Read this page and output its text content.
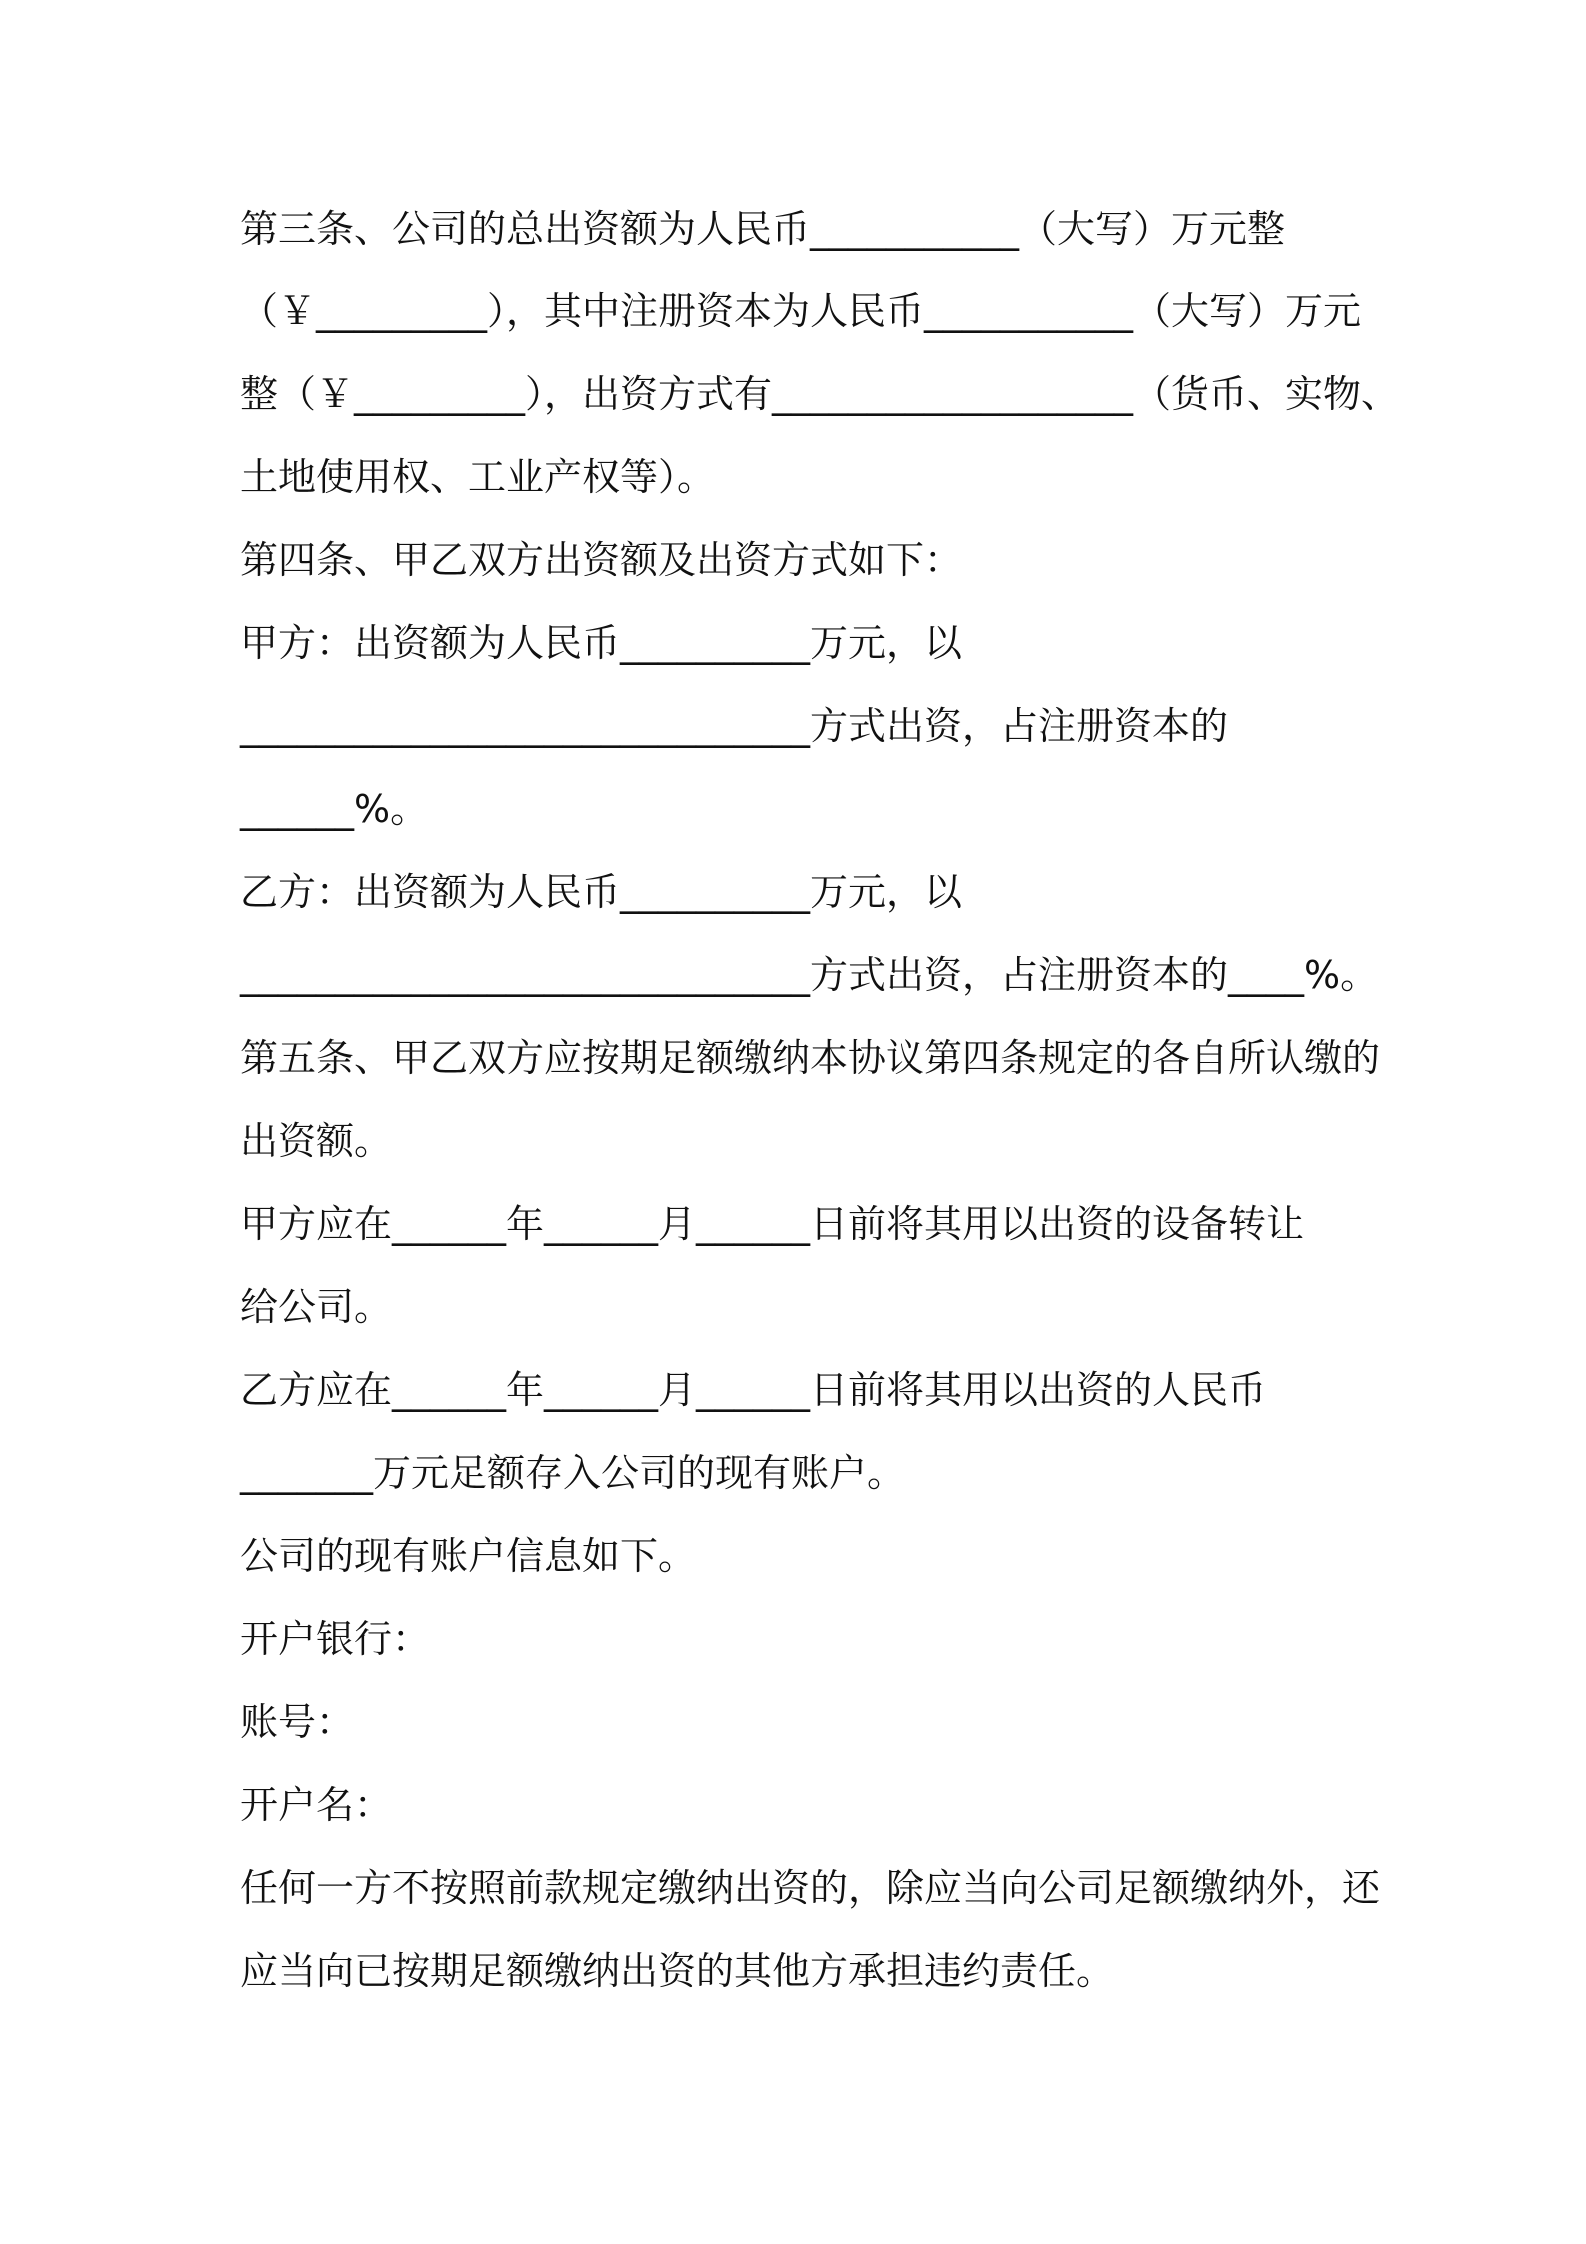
第三条、公司的总出资额为人民币___________（大写）万元整
（￥_________），其中注册资本为人民币___________（大写）万元
整（￥_________），出资方式有___________________（货币、实物、
土地使用权、工业产权等）。
第四条、甲乙双方出资额及出资方式如下：
甲方：出资额为人民币__________万元，以
______________________________方式出资，占注册资本的
______%。
乙方：出资额为人民币__________万元，以
______________________________方式出资，占注册资本的____%。
第五条、甲乙双方应按期足额缴纳本协议第四条规定的各自所认缴的
出资额。
甲方应在______年______月______日前将其用以出资的设备转让
给公司。
乙方应在______年______月______日前将其用以出资的人民币
_______万元足额存入公司的现有账户。
公司的现有账户信息如下。
开户银行：
账号：
开户名：
任何一方不按照前款规定缴纳出资的，除应当向公司足额缴纳外，还
应当向已按期足额缴纳出资的其他方承担违约责任。
